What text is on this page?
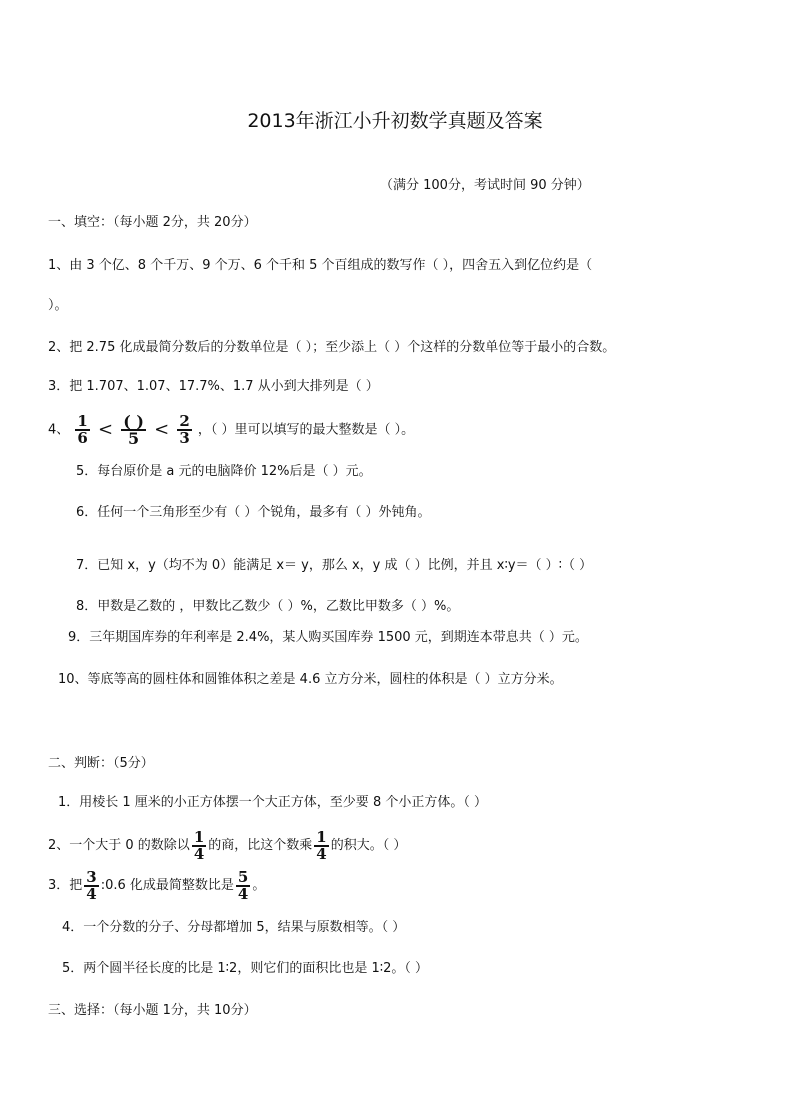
2013年浙江小升初数学真题及答案
（满分 100分，考试时间 90 分钟）
一、填空：（每小题 2分，共 20分）
1、由 3 个亿、8 个千万、9 个万、6 个千和 5 个百组成的数写作（ ），四舍五入到亿位约是（
）。
2、把 2.75 化成最简分数后的分数单位是（ ）；至少添上（ ）个这样的分数单位等于最小的合数。
3．把 1.707、1.07、17.7%、1.7 从小到大排列是（ ）
4、 $\frac{1}{6} < \frac{( )}{5} < \frac{2}{3}$ ，（ ）里可以填写的最大整数是（ ）。
5．每台原价是 a 元的电脑降价 12%后是（ ）元。
6．任何一个三角形至少有（ ）个锐角，最多有（ ）外钝角。
7．已知 x，y（均不为 0）能满足 x＝ y，那么 x，y 成（ ）比例，并且 x∶y＝（ ）∶（ ）
8．甲数是乙数的 ，甲数比乙数少（ ）%，乙数比甲数多（ ）%。
9．三年期国库券的年利率是 2.4%，某人购买国库券 1500 元，到期连本带息共（ ）元。
10、等底等高的圆柱体和圆锥体积之差是 4.6 立方分米，圆柱的体积是（ ）立方分米。
二、判断：（5分）
1．用棱长 1 厘米的小正方体摆一个大正方体，至少要 8 个小正方体。（ ）
2、一个大于 0 的数除以 $\frac{1}{4}$ 的商，比这个数乘 $\frac{1}{4}$ 的积大。（ ）
3．把 $\frac{3}{4}$ :0.6 化成最简整数比是 $\frac{5}{4}$ 。
4．一个分数的分子、分母都增加 5，结果与原数相等。（ ）
5．两个圆半径长度的比是 1∶2，则它们的面积比也是 1∶2。（ ）
三、选择：（每小题 1分，共 10分）
